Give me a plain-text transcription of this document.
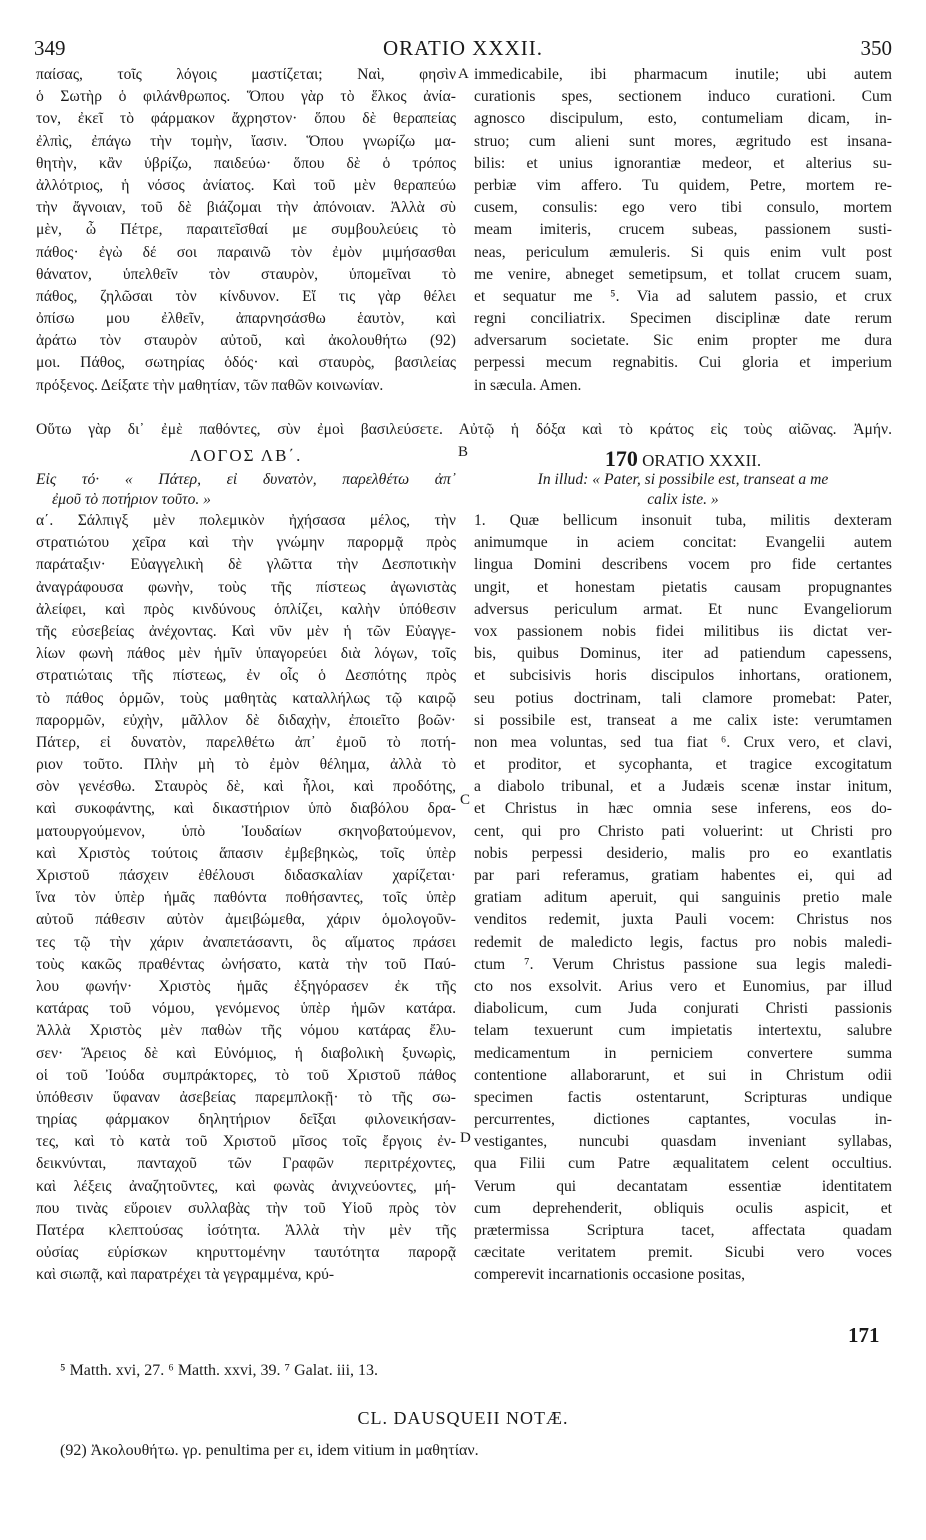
349	ORATIO XXXII.	350
παίσας, τοῖς λόγοις μαστίζεται; Ναὶ, φησὶν
ὁ Σωτὴρ ὁ φιλάνθρωπος. Ὅπου γὰρ τὸ ἕλκος ἀνία-
τον, ἐκεῖ τὸ φάρμακον ἄχρηστον· ὅπου δὲ θεραπείας
ἐλπὶς, ἐπάγω τὴν τομὴν, ἴασιν. Ὅπου γνωρίζω μα-
θητὴν, κἂν ὑβρίζω, παιδεύω· ὅπου δὲ ὁ τρόπος
ἀλλότριος, ἡ νόσος ἀνίατος. Καὶ τοῦ μὲν θεραπεύω
τὴν ἄγνοιαν, τοῦ δὲ βιάζομαι τὴν ἀπόνοιαν. Ἀλλὰ σὺ
μὲν, ὦ Πέτρε, παραιτεῖσθαί με συμβουλεύεις τὸ
πάθος· ἐγὼ δέ σοι παραινῶ τὸν ἐμὸν μιμήσασθαι
θάνατον, ὑπελθεῖν τὸν σταυρὸν, ὑπομεῖναι τὸ
πάθος, ζηλῶσαι τὸν κίνδυνον. Εἴ τις γὰρ θέλει
ὀπίσω μου ἐλθεῖν, ἀπαρνησάσθω ἑαυτὸν, καὶ
ἀράτω τὸν σταυρὸν αὐτοῦ, καὶ ἀκολουθήτω (92)
μοι. Πάθος, σωτηρίας ὁδός· καὶ σταυρὸς, βασιλείας
πρόξενος. Δείξατε τὴν μαθητίαν, τῶν παθῶν κοινωνίαν.
immedicabile, ibi pharmacum inutile; ubi autem
curationis spes, sectionem induco curationi. Cum
agnosco discipulum, esto, contumeliam dicam, in-
struo; cum alieni sunt mores, ægritudo est insana-
bilis: et unius ignorantiæ medeor, et alterius su-
perbiæ vim affero. Tu quidem, Petre, mortem re-
cusem, consulis: ego vero tibi consulo, mortem
meam imiteris, crucem subeas, passionem susti-
neas, periculum æmuleris. Si quis enim vult post
me venire, abneget semetipsum, et tollat crucem suam,
et sequatur me ⁵. Via ad salutem passio, et crux
regni conciliatrix. Specimen disciplinæ date rerum
adversarum societate. Sic enim propter me dura
perpessi mecum regnabitis. Cui gloria et imperium
in sæcula. Amen.
A
B
C
D
Οὕτω γὰρ δι᾽ ἐμὲ παθόντες, σὺν ἐμοὶ βασιλεύσετε. Αὐτῷ ἡ δόξα καὶ τὸ κράτος εἰς τοὺς αἰῶνας. Ἀμήν.
ΛΟΓΟΣ ΛΒ΄.	170 ORATIO XXXII.
Εἰς τό· « Πάτερ, εἰ δυνατὸν, παρελθέτω ἀπ᾽
ἐμοῦ τὸ ποτήριον τοῦτο. »
In illud: « Pater, si possibile est, transeat a me
calix iste. »
α΄. Σάλπιγξ μὲν πολεμικὸν ἠχήσασα μέλος, τὴν
στρατιώτου χεῖρα καὶ τὴν γνώμην παρορμᾷ πρὸς
παράταξιν· Εὐαγγελικὴ δὲ γλῶττα τὴν Δεσποτικὴν
ἀναγράφουσα φωνὴν, τοὺς τῆς πίστεως ἀγωνιστὰς
ἀλείφει, καὶ πρὸς κινδύνους ὁπλίζει, καλὴν ὑπόθεσιν
τῆς εὐσεβείας ἀνέχοντας. Καὶ νῦν μὲν ἡ τῶν Εὐαγγε-
λίων φωνὴ πάθος μὲν ἡμῖν ὑπαγορεύει διὰ λόγων, τοῖς
στρατιώταις τῆς πίστεως, ἐν οἷς ὁ Δεσπότης πρὸς
τὸ πάθος ὁρμῶν, τοὺς μαθητὰς καταλλήλως τῷ καιρῷ
παρορμῶν, εὐχὴν, μᾶλλον δὲ διδαχὴν, ἐποιεῖτο βοῶν·
Πάτερ, εἰ δυνατὸν, παρελθέτω ἀπ᾽ ἐμοῦ τὸ ποτή-
ριον τοῦτο. Πλὴν μὴ τὸ ἐμὸν θέλημα, ἀλλὰ τὸ
σὸν γενέσθω. Σταυρὸς δὲ, καὶ ἧλοι, καὶ προδότης,
καὶ συκοφάντης, καὶ δικαστήριον ὑπὸ διαβόλου δρα-
ματουργούμενον, ὑπὸ Ἰουδαίων σκηνοβατούμενον,
καὶ Χριστὸς τούτοις ἅπασιν ἐμβεβηκὼς, τοῖς ὑπὲρ
Χριστοῦ πάσχειν ἐθέλουσι διδασκαλίαν χαρίζεται·
ἵνα τὸν ὑπὲρ ἡμᾶς παθόντα ποθήσαντες, τοῖς ὑπὲρ
αὐτοῦ πάθεσιν αὐτὸν ἀμειβώμεθα, χάριν ὁμολογοῦν-
τες τῷ τὴν χάριν ἀναπετάσαντι, ὃς αἵματος πράσει
τοὺς κακῶς πραθέντας ὠνήσατο, κατὰ τὴν τοῦ Παύ-
λου φωνήν· Χριστὸς ἡμᾶς ἐξηγόρασεν ἐκ τῆς
κατάρας τοῦ νόμου, γενόμενος ὑπὲρ ἡμῶν κατάρα.
Ἀλλὰ Χριστὸς μὲν παθὼν τῆς νόμου κατάρας ἔλυ-
σεν· Ἄρειος δὲ καὶ Εὐνόμιος, ἡ διαβολικὴ ξυνωρὶς,
οἱ τοῦ Ἰούδα συμπράκτορες, τὸ τοῦ Χριστοῦ πάθος
ὑπόθεσιν ὕφαναν ἀσεβείας παρεμπλοκῇ· τὸ τῆς σω-
τηρίας φάρμακον δηλητήριον δεῖξαι φιλονεικήσαν-
τες, καὶ τὸ κατὰ τοῦ Χριστοῦ μῖσος τοῖς ἔργοις ἐν-
δεικνύνται, πανταχοῦ τῶν Γραφῶν περιτρέχοντες,
καὶ λέξεις ἀναζητοῦντες, καὶ φωνὰς ἀνιχνεύοντες, μή-
που τινὰς εὕροιεν συλλαβὰς τὴν τοῦ Υἱοῦ πρὸς τὸν
Πατέρα κλεπτούσας ἰσότητα. Ἀλλὰ τὴν μὲν τῆς
οὐσίας εὑρίσκων κηρυττομένην ταυτότητα παρορᾷ
καὶ σιωπᾷ, καὶ παρατρέχει τὰ γεγραμμένα, κρύ-
1. Quæ bellicum insonuit tuba, militis dexteram
animumque in aciem concitat: Evangelii autem
lingua Domini describens vocem pro fide certantes
ungit, et honestam pietatis causam propugnantes
adversus periculum armat. Et nunc Evangeliorum
vox passionem nobis fidei militibus iis dictat ver-
bis, quibus Dominus, iter ad patiendum capessens,
et subcisivis horis discipulos inhortans, orationem,
seu potius doctrinam, tali clamore promebat: Pater,
si possibile est, transeat a me calix iste: verumtamen
non mea voluntas, sed tua fiat ⁶. Crux vero, et clavi,
et proditor, et sycophanta, et tragice excogitatum
a diabolo tribunal, et a Judæis scenæ instar initum,
et Christus in hæc omnia sese inferens, eos do-
cent, qui pro Christo pati voluerint: ut Christi pro
nobis perpessi desiderio, malis pro eo exantlatis
par pari referamus, gratiam habentes ei, qui ad
gratiam aditum aperuit, qui sanguinis pretio male
venditos redemit, juxta Pauli vocem: Christus nos
redemit de maledicto legis, factus pro nobis maledi-
ctum ⁷. Verum Christus passione sua legis maledi-
cto nos exsolvit. Arius vero et Eunomius, par illud
diabolicum, cum Juda conjurati Christi passionis
telam texuerunt cum impietatis intertextu, salubre
medicamentum in perniciem convertere summa
contentione allaborarunt, et sui in Christum odii
specimen factis ostentarunt, Scripturas undique
percurrentes, dictiones captantes, voculas in-
vestigantes, nuncubi quasdam inveniant syllabas,
qua Filii cum Patre æqualitatem celent occultius.
Verum qui decantatam essentiæ identitatem
cum deprehenderit, obliquis oculis aspicit, et
prætermissa Scriptura tacet, affectata quadam
cæcitate veritatem premit. Sicubi vero voces
comperevit incarnationis occasione positas,
171
⁵ Matth. xvi, 27. ⁶ Matth. xxvi, 39. ⁷ Galat. iii, 13.
CL. DAUSQUEII NOTÆ.
(92) Ἀκολουθήτω. γρ. penultima per ει, idem vitium in μαθητίαν.
